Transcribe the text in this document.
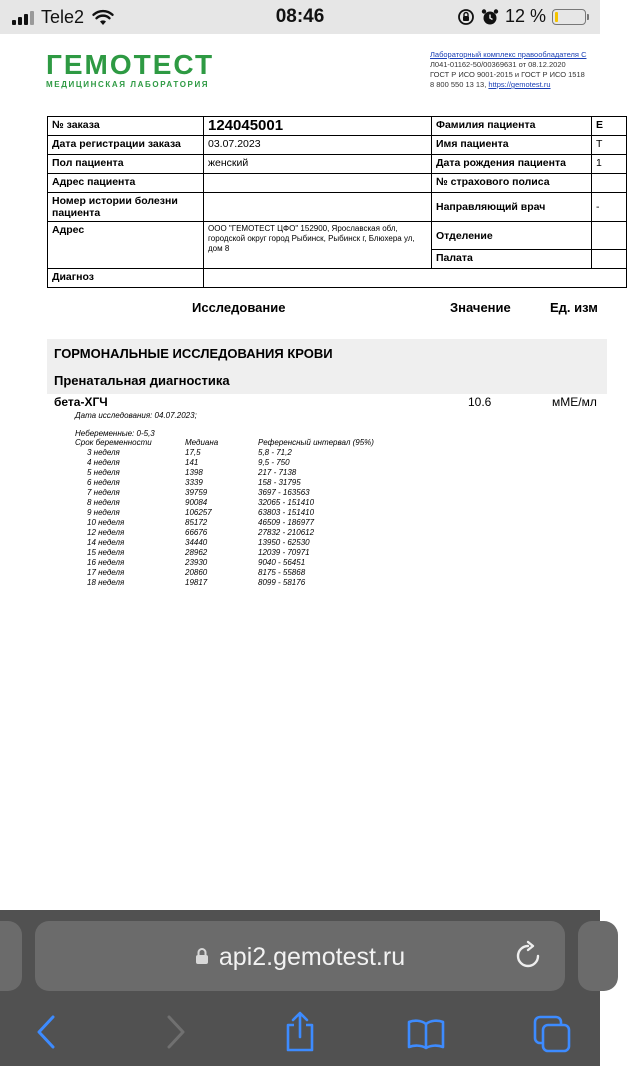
Tele2	08:46	12 %
ГЕМОТЕСТ
МЕДИЦИНСКАЯ ЛАБОРАТОРИЯ
Лабораторный комплекс правообладателя С
Л041-01162-50/00369631 от 08.12.2020
ГОСТ Р ИСО 9001-2015 и ГОСТ Р ИСО 1518
8 800 550 13 13, https://gemotest.ru
№ заказа	124045001	Фамилия пациента	Е
Дата регистрации заказа	03.07.2023	Имя пациента	Т
Пол пациента	женский	Дата рождения пациента	1
Адрес пациента		№ страхового полиса	
Номер истории болезни пациента		Направляющий врач	-
Адрес	ООО "ГЕМОТЕСТ ЦФО" 152900, Ярославская обл, городской округ город Рыбинск, Рыбинск г, Блюхера ул, дом 8	Отделение	
		Палата	
Диагноз			
Исследование	Значение	Ед. изм
ГОРМОНАЛЬНЫЕ ИССЛЕДОВАНИЯ КРОВИ
Пренатальная диагностика
бета-ХГЧ	10.6	мМЕ/мл
Дата исследования: 04.07.2023;
Небеременные: 0-5,3
Срок беременности	Медиана	Референсный интервал (95%)
3 неделя	17,5	5,8 - 71,2
4 неделя	141	9,5 - 750
5 неделя	1398	217 - 7138
6 неделя	3339	158 - 31795
7 неделя	39759	3697 - 163563
8 неделя	90084	32065 - 151410
9 неделя	106257	63803 - 151410
10 неделя	85172	46509 - 186977
12 неделя	66676	27832 - 210612
14 неделя	34440	13950 - 62530
15 неделя	28962	12039 - 70971
16 неделя	23930	9040 - 56451
17 неделя	20860	8175 - 55868
18 неделя	19817	8099 - 58176
api2.gemotest.ru
